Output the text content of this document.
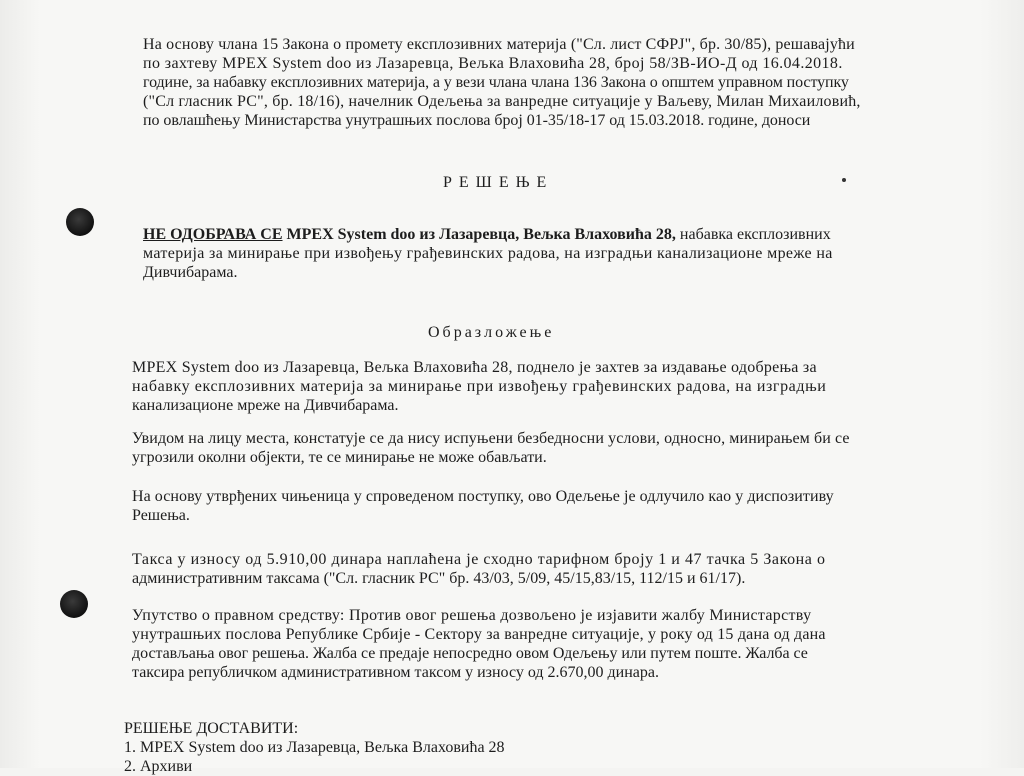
На основу члана 15 Закона о промету експлозивних материја ("Сл. лист СФРЈ", бр. 30/85), решавајући
по захтеву MPEX System doo из Лазаревца, Вељка Влаховића 28, број 58/ЗВ-ИО-Д од 16.04.2018.
године, за набавку експлозивних материја, а у вези члана члана 136 Закона о општем управном поступку
("Сл гласник РС", бр. 18/16), начелник Одељења за ванредне ситуације у Ваљеву, Милан Михаиловић,
по овлашћењу Министарства унутрашњих послова број 01-35/18-17 од 15.03.2018. године, доноси
РЕШЕЊЕ
НЕ ОДОБРАВА СЕ MPEX System doo из Лазаревца, Вељка Влаховића 28, набавка експлозивних
материја за минирање при извођењу грађевинских радова, на изградњи канализационе мреже на
Дивчибарама.
Образложење
MPEX System doo из Лазаревца, Вељка Влаховића 28, поднело је захтев за издавање одобрења за
набавку експлозивних материја за минирање при извођењу грађевинских радова, на изградњи
канализационе мреже на Дивчибарама.
Увидом на лицу места, констатује се да нису испуњени безбедносни услови, односно, минирањем би се
угрозили околни објекти, те се минирање не може обављати.
На основу утврђених чињеница у спроведеном поступку, ово Одељење је одлучило као у диспозитиву
Решења.
Такса у износу од 5.910,00 динара наплаћена је сходно тарифном броју 1 и 47 тачка 5 Закона о
административним таксама ("Сл. гласник РС" бр. 43/03, 5/09, 45/15,83/15, 112/15 и 61/17).
Упутство о правном средству: Против овог решења дозвољено је изјавити жалбу Министарству
унутрашњих послова Републике Србије - Сектору за ванредне ситуације, у року од 15 дана од дана
достављања овог решења. Жалба се предаје непосредно овом Одељењу или путем поште. Жалба се
таксира републичком административном таксом у износу од 2.670,00 динара.
РЕШЕЊЕ ДОСТАВИТИ:
1. MPEX System doo из Лазаревца, Вељка Влаховића 28
2. Архиви
